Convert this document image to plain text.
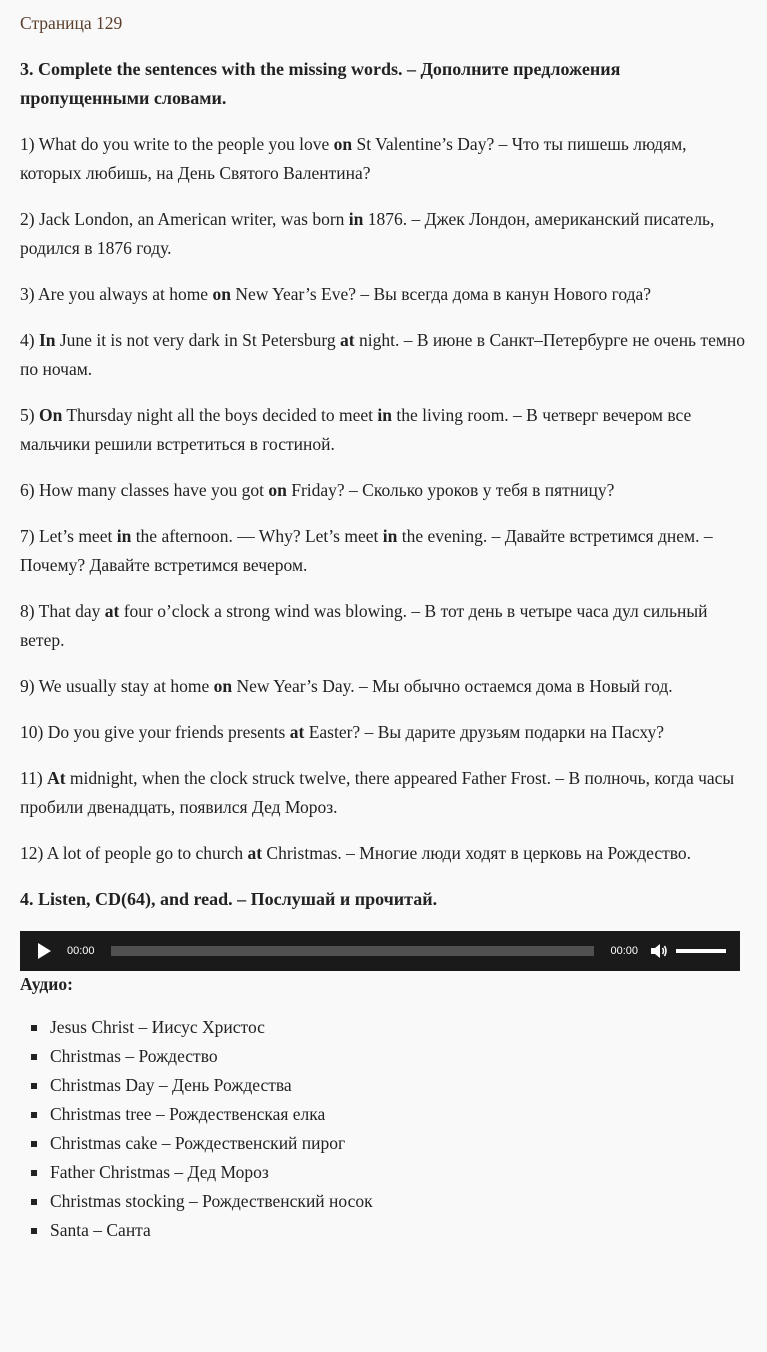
Страница 129
3. Complete the sentences with the missing words. – Дополните предложения пропущенными словами.
1) What do you write to the people you love on St Valentine’s Day? – Что ты пишешь людям, которых любишь, на День Святого Валентина?
2) Jack London, an American writer, was born in 1876. – Джек Лондон, американский писатель, родился в 1876 году.
3) Are you always at home on New Year’s Eve? – Вы всегда дома в канун Нового года?
4) In June it is not very dark in St Petersburg at night. – В июне в Санкт–Петербурге не очень темно по ночам.
5) On Thursday night all the boys decided to meet in the living room. – В четверг вечером все мальчики решили встретиться в гостиной.
6) How many classes have you got on Friday? – Сколько уроков у тебя в пятницу?
7) Let’s meet in the afternoon. — Why? Let’s meet in the evening. – Давайте встретимся днем. – Почему? Давайте встретимся вечером.
8) That day at four o’clock a strong wind was blowing. – В тот день в четыре часа дул сильный ветер.
9) We usually stay at home on New Year’s Day. – Мы обычно остаемся дома в Новый год.
10) Do you give your friends presents at Easter? – Вы дарите друзьям подарки на Пасху?
11) At midnight, when the clock struck twelve, there appeared Father Frost. – В полночь, когда часы пробили двенадцать, появился Дед Мороз.
12) A lot of people go to church at Christmas. – Многие люди ходят в церковь на Рождество.
4. Listen, CD(64), and read. – Послушай и прочитай.
00:00	00:00
Аудио:
Jesus Christ – Иисус Христос
Christmas – Рождество
Christmas Day – День Рождества
Christmas tree – Рождественская елка
Christmas cake – Рождественский пирог
Father Christmas – Дед Мороз
Christmas stocking – Рождественский носок
Santa – Санта
